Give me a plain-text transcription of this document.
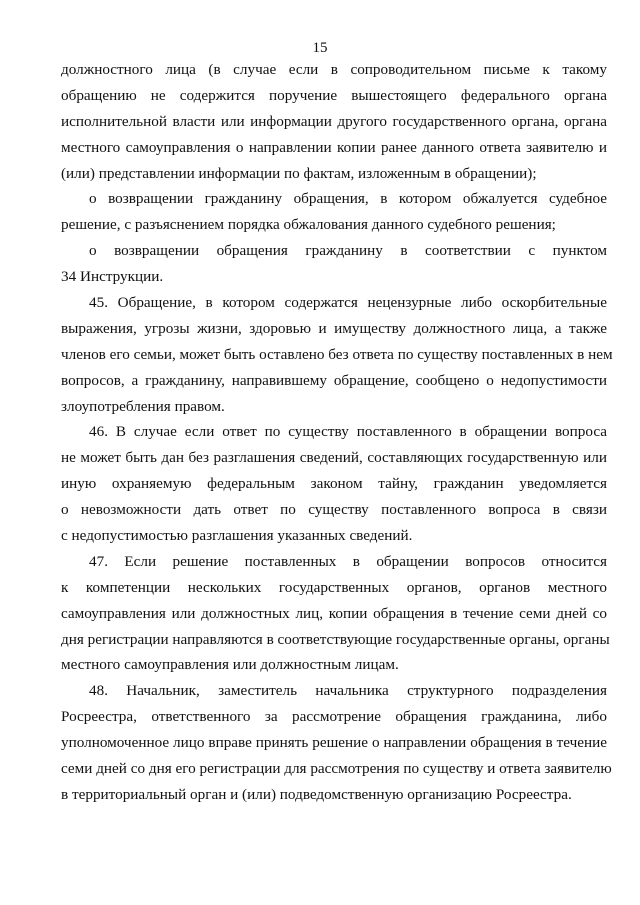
15
должностного лица (в случае если в сопроводительном письме к такому
обращению не содержится поручение вышестоящего федерального органа
исполнительной власти или информации другого государственного органа, органа
местного самоуправления о направлении копии ранее данного ответа заявителю и
(или) представлении информации по фактам, изложенным в обращении);
о возвращении гражданину обращения, в котором обжалуется судебное
решение, с разъяснением порядка обжалования данного судебного решения;
о возвращении обращения гражданину в соответствии с пунктом
34 Инструкции.
45. Обращение, в котором содержатся нецензурные либо оскорбительные
выражения, угрозы жизни, здоровью и имуществу должностного лица, а также
членов его семьи, может быть оставлено без ответа по существу поставленных в нем
вопросов, а гражданину, направившему обращение, сообщено о недопустимости
злоупотребления правом.
46. В случае если ответ по существу поставленного в обращении вопроса
не может быть дан без разглашения сведений, составляющих государственную или
иную охраняемую федеральным законом тайну, гражданин уведомляется
о невозможности дать ответ по существу поставленного вопроса в связи
с недопустимостью разглашения указанных сведений.
47. Если решение поставленных в обращении вопросов относится
к компетенции нескольких государственных органов, органов местного
самоуправления или должностных лиц, копии обращения в течение семи дней со
дня регистрации направляются в соответствующие государственные органы, органы
местного самоуправления или должностным лицам.
48. Начальник, заместитель начальника структурного подразделения
Росреестра, ответственного за рассмотрение обращения гражданина, либо
уполномоченное лицо вправе принять решение о направлении обращения в течение
семи дней со дня его регистрации для рассмотрения по существу и ответа заявителю
в территориальный орган и (или) подведомственную организацию Росреестра.
